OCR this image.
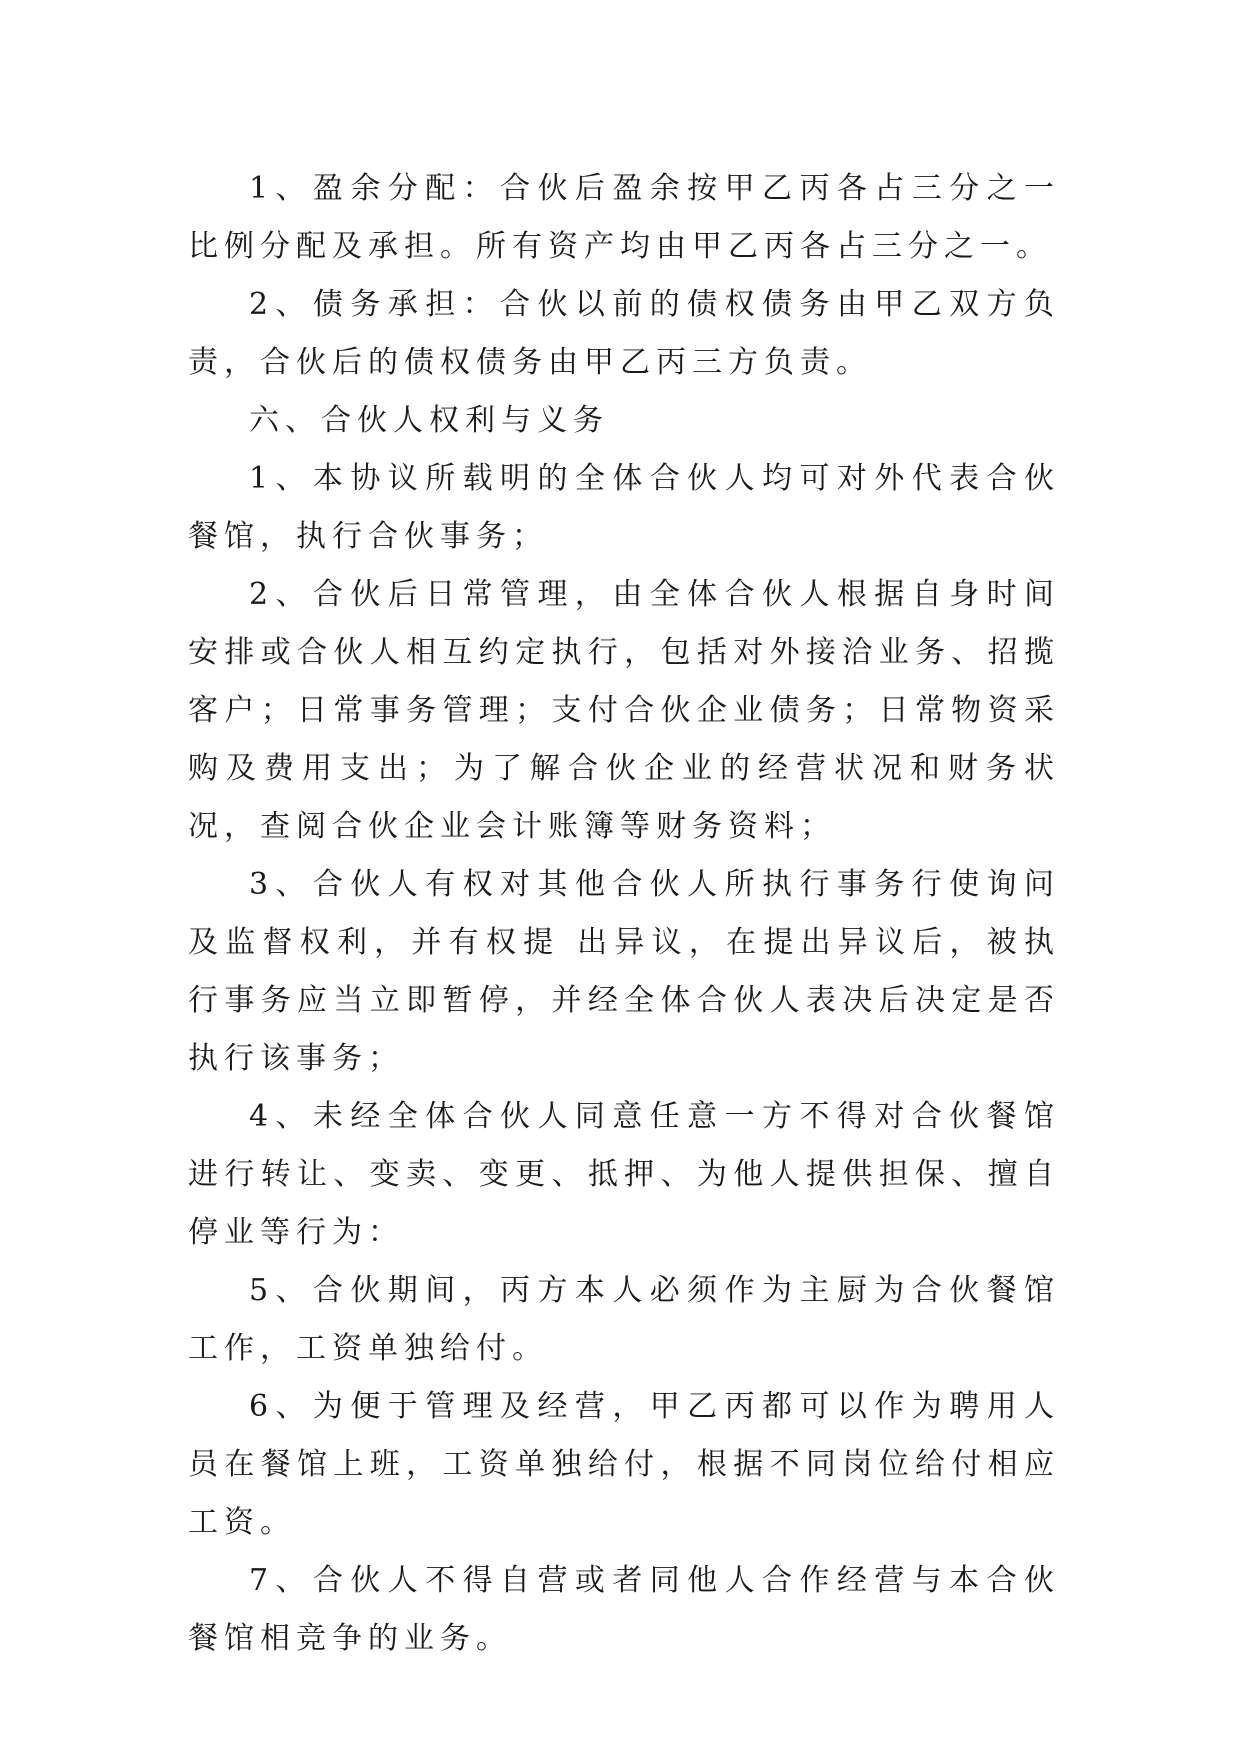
1、盈余分配：合伙后盈余按甲乙丙各占三分之一比例分配及承担。所有资产均由甲乙丙各占三分之一。

2、债务承担：合伙以前的债权债务由甲乙双方负责，合伙后的债权债务由甲乙丙三方负责。

六、合伙人权利与义务

1、本协议所载明的全体合伙人均可对外代表合伙餐馆，执行合伙事务；

2、合伙后日常管理，由全体合伙人根据自身时间安排或合伙人相互约定执行，包括对外接洽业务、招揽客户；日常事务管理；支付合伙企业债务；日常物资采购及费用支出；为了解合伙企业的经营状况和财务状况，查阅合伙企业会计账簿等财务资料；

3、合伙人有权对其他合伙人所执行事务行使询问及监督权利，并有权提 出异议，在提出异议后，被执行事务应当立即暂停，并经全体合伙人表决后决定是否执行该事务；

4、未经全体合伙人同意任意一方不得对合伙餐馆进行转让、变卖、变更、抵押、为他人提供担保、擅自停业等行为：

5、合伙期间，丙方本人必须作为主厨为合伙餐馆工作，工资单独给付。

6、为便于管理及经营，甲乙丙都可以作为聘用人员在餐馆上班，工资单独给付，根据不同岗位给付相应工资。

7、合伙人不得自营或者同他人合作经营与本合伙餐馆相竞争的业务。
